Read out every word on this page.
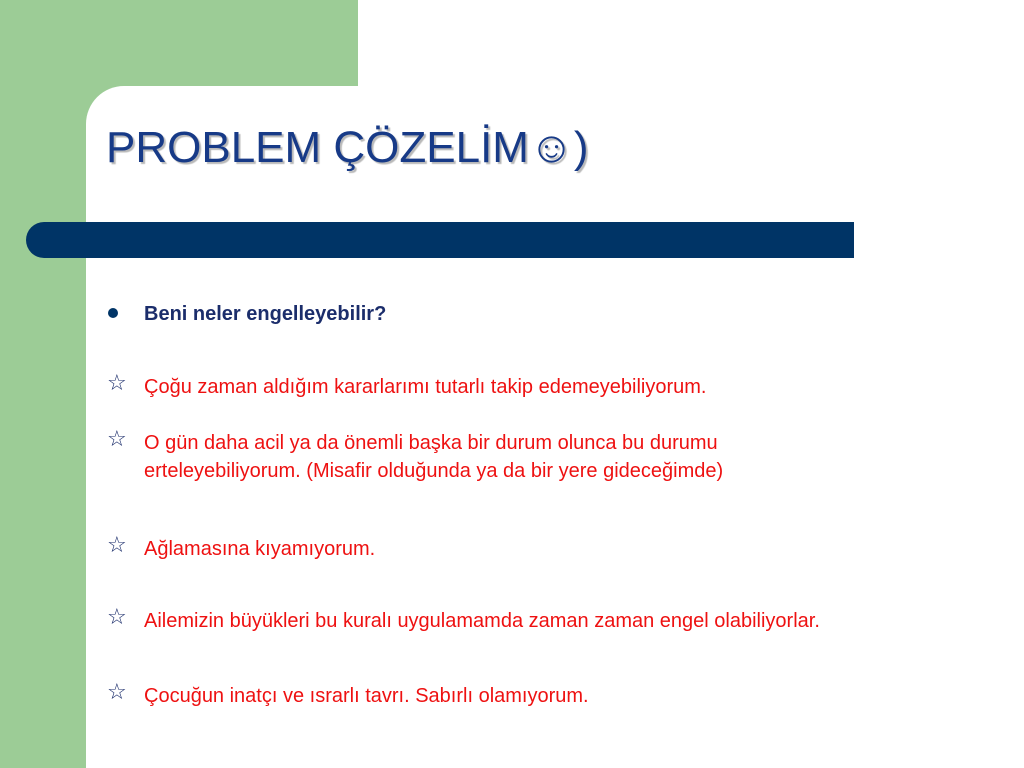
PROBLEM ÇÖZELİM☺)
Beni neler engelleyebilir?
☆ Çoğu zaman aldığım kararlarımı tutarlı takip edemeyebiliyorum.
☆ O gün daha acil ya da önemli başka bir durum olunca bu durumu
erteleyebiliyorum. (Misafir olduğunda ya da bir yere gideceğimde)
☆ Ağlamasına kıyamıyorum.
☆ Ailemizin büyükleri bu kuralı uygulamamda zaman zaman engel olabiliyorlar.
☆ Çocuğun inatçı ve ısrarlı tavrı. Sabırlı olamıyorum.
